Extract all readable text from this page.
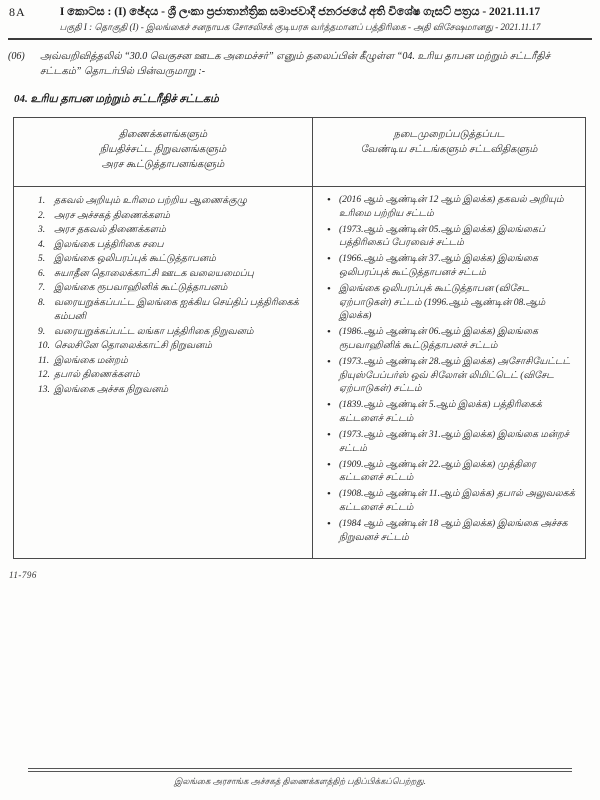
8A	I කොටස : (I) ඡේදය - ශ්‍රී ලංකා ප්‍රජාතාන්ත්‍රික සමාජවාදී ජනරජයේ අති විශේෂ ගැසට් පත්‍රය - 2021.11.17
பகுதி I : தொகுதி (I) - இலங்கைச் சனநாயக சோசலிசக் குடியரசு வர்த்தமானப் பத்திரிகை - அதி விசேஷமானது - 2021.11.17
(06) அவ்வறிவித்தலில் “30.0 வெகுசன ஊடக அமைச்சர்” எனும் தலைப்பின் கீழுள்ள “04. உரிய தாபன மற்றும் சட்டரீதிச் சட்டகம்” தொடர்பில் பின்வருமாறு :-
04. உரிய தாபன மற்றும் சட்டரீதிச் சட்டகம்
திணைக்களங்களும்
நியதிச்சட்ட நிறுவனங்களும்
அரச கூட்டுத்தாபனங்களும்

நடைமுறைப்படுத்தப்பட
வேண்டிய சட்டங்களும் சட்டவிதிகளும்

தகவல் அறியும் உரிமை பற்றிய ஆணைக்குழு
அரச அச்சகத் திணைக்களம்
அரச தகவல் திணைக்களம்
இலங்கை பத்திரிகை சபை
இலங்கை ஒலிபரப்புக் கூட்டுத்தாபனம்
சுயாதீன தொலைக்காட்சி ஊடக வலையமைப்பு
இலங்கை ரூபவாஹினிக் கூட்டுத்தாபனம்
வரையறுக்கப்பட்ட இலங்கை ஐக்கிய செய்திப் பத்திரிகைக் கம்பனி
வரையறுக்கப்பட்ட லங்கா பத்திரிகை நிறுவனம்
செலசினே தொலைக்காட்சி நிறுவனம்
இலங்கை மன்றம்
தபால் திணைக்களம்
இலங்கை அச்சக நிறுவனம்

• (2016 ஆம் ஆண்டின் 12 ஆம் இலக்க) தகவல் அறியும் உரிமை பற்றிய சட்டம்
• (1973.ஆம் ஆண்டின் 05.ஆம் இலக்க) இலங்கைப் பத்திரிகைப் பேரவைச் சட்டம்
• (1966.ஆம் ஆண்டின் 37.ஆம் இலக்க) இலங்கை ஒலிபரப்புக் கூட்டுத்தாபனச் சட்டம்
• இலங்கை ஒலிபரப்புக் கூட்டுத்தாபன (விசேட ஏற்பாடுகள்) சட்டம் (1996.ஆம் ஆண்டின் 08.ஆம் இலக்க)
• (1986.ஆம் ஆண்டின் 06.ஆம் இலக்க) இலங்கை ரூபவாஹினிக் கூட்டுத்தாபனச் சட்டம்
• (1973.ஆம் ஆண்டின் 28.ஆம் இலக்க) அசோசியேட்டட் நியுஸ்பேப்பர்ஸ் ஒவ் சிலோன் லிமிட்டெட் (விசேட ஏற்பாடுகள்) சட்டம்
• (1839.ஆம் ஆண்டின் 5.ஆம் இலக்க) பத்திரிகைக் கட்டளைச் சட்டம்
• (1973.ஆம் ஆண்டின் 31.ஆம் இலக்க) இலங்கை மன்றச் சட்டம்
• (1909.ஆம் ஆண்டின் 22.ஆம் இலக்க) முத்திரை கட்டளைச் சட்டம்
• (1908.ஆம் ஆண்டின் 11.ஆம் இலக்க) தபால் அலுவலகக் கட்டளைச் சட்டம்
• (1984 ஆம் ஆண்டின் 18 ஆம் இலக்க) இலங்கை அச்சக நிறுவனச் சட்டம்
11-796
இலங்கை அரசாங்க அச்சகத் திணைக்களத்திற் பதிப்பிக்கப்பெற்றது.
